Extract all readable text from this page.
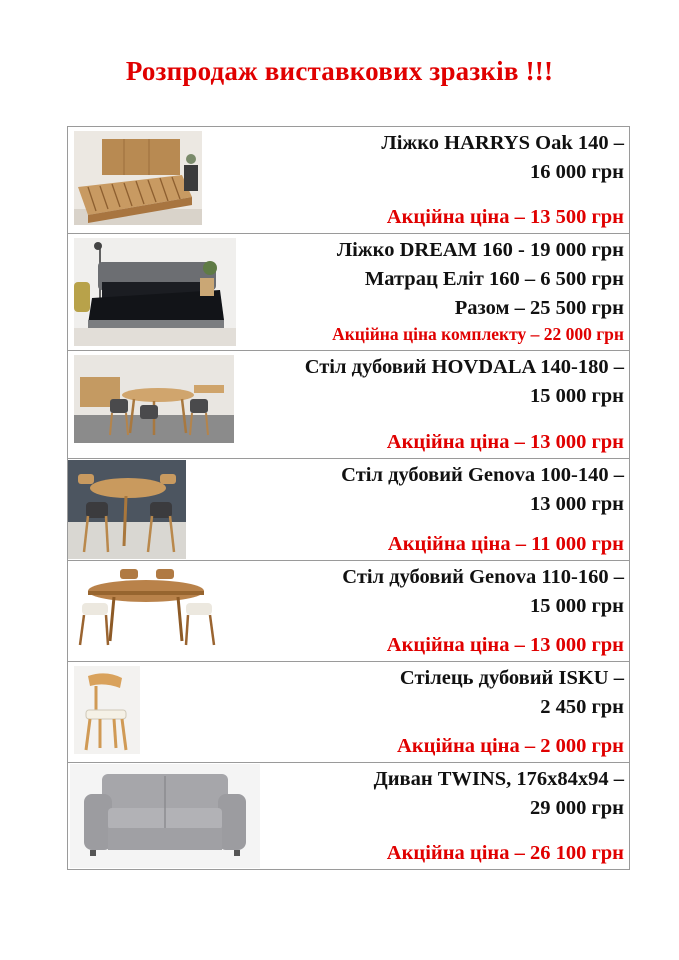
Розпродаж виставкових зразків !!!
Ліжко HARRYS Oak 140 –
16 000 грн
Акційна ціна – 13 500 грн

Ліжко DREAM 160 - 19 000 грн
Матрац Еліт 160 – 6 500 грн
Разом – 25 500 грн
Акційна ціна комплекту – 22 000 грн

Стіл дубовий HOVDALA 140-180 –
15 000 грн
Акційна ціна – 13 000 грн

Стіл дубовий Genova 100-140 –
13 000 грн
Акційна ціна – 11 000 грн

Стіл дубовий Genova 110-160 –
15 000 грн
Акційна ціна – 13 000 грн

Стілець дубовий ISKU –
2 450 грн
Акційна ціна – 2 000 грн

Диван TWINS, 176x84x94 –
29 000 грн
Акційна ціна – 26 100 грн
